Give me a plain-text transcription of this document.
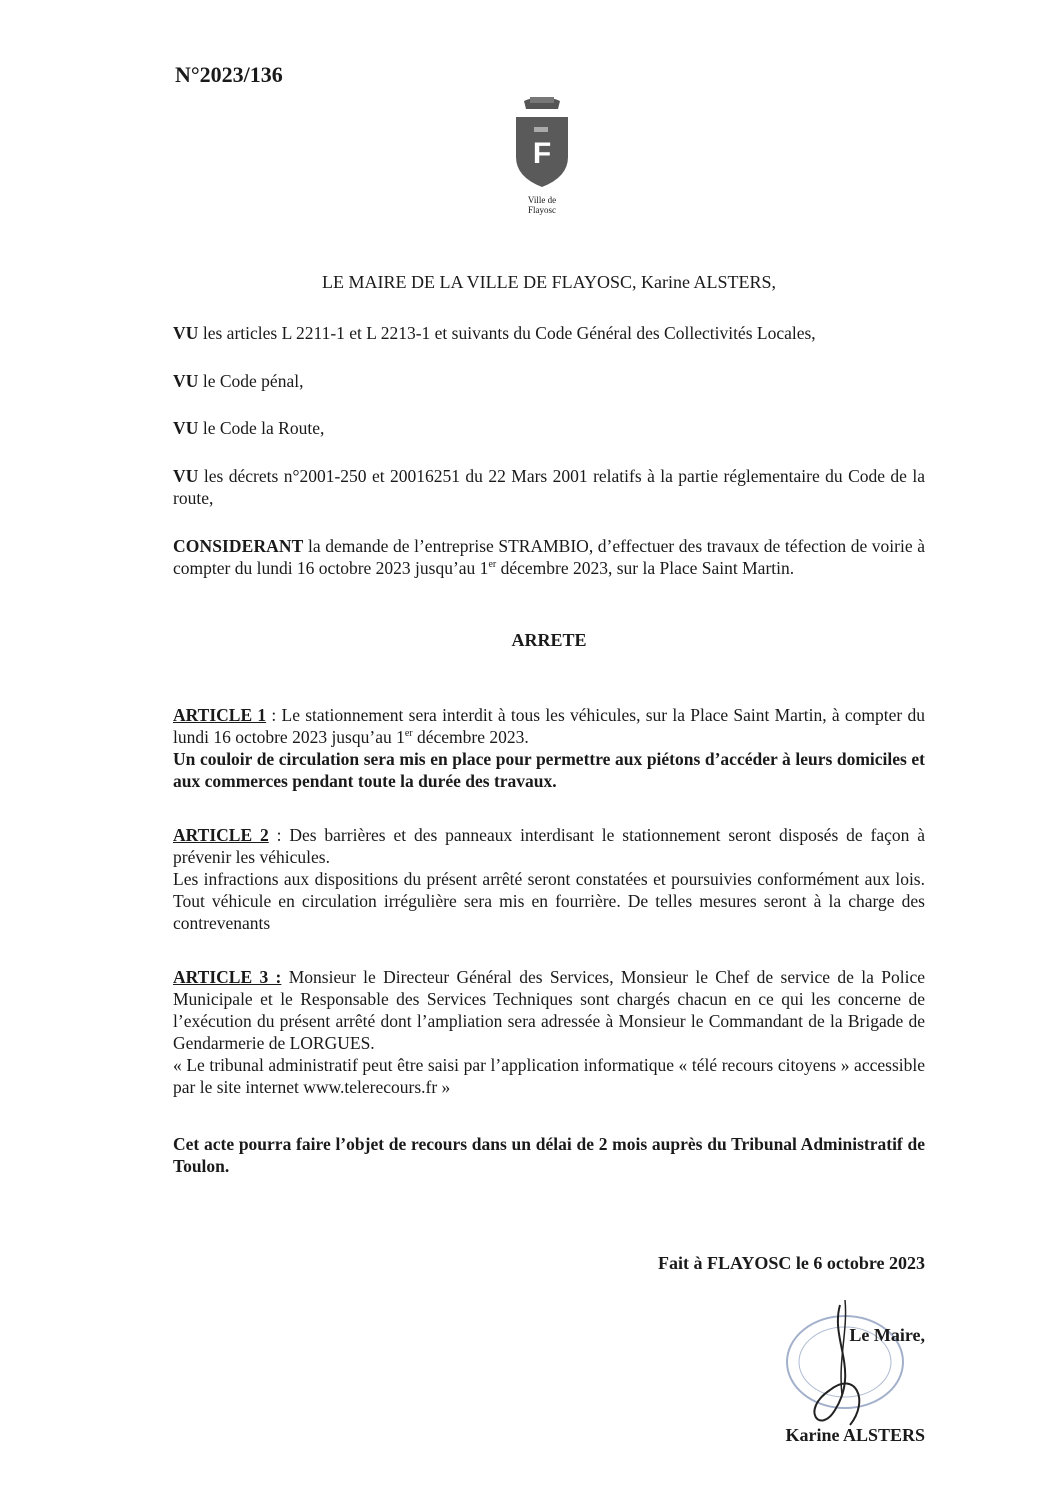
N°2023/136
F
Ville de
Flayosc
LE MAIRE DE LA VILLE DE FLAYOSC, Karine ALSTERS,
VU les articles L 2211-1 et L 2213-1 et suivants du Code Général des Collectivités Locales,
VU le Code pénal,
VU le Code la Route,
VU les décrets n°2001-250 et 20016251 du 22 Mars 2001 relatifs à la partie réglementaire du Code de la route,
CONSIDERANT la demande de l’entreprise STRAMBIO, d’effectuer des travaux de téfection de voirie à compter du lundi 16 octobre 2023 jusqu’au 1er décembre 2023, sur la Place Saint Martin.
ARRETE
ARTICLE 1 : Le stationnement sera interdit à tous les véhicules, sur la Place Saint Martin, à compter du lundi 16 octobre 2023 jusqu’au 1er décembre 2023.
Un couloir de circulation sera mis en place pour permettre aux piétons d’accéder à leurs domiciles et aux commerces pendant toute la durée des travaux.
ARTICLE 2 : Des barrières et des panneaux interdisant le stationnement seront disposés de façon à prévenir les véhicules.
Les infractions aux dispositions du présent arrêté seront constatées et poursuivies conformément aux lois. Tout véhicule en circulation irrégulière sera mis en fourrière. De telles mesures seront à la charge des contrevenants
ARTICLE 3 : Monsieur le Directeur Général des Services, Monsieur le Chef de service de la Police Municipale et le Responsable des Services Techniques sont chargés chacun en ce qui les concerne de l’exécution du présent arrêté dont l’ampliation sera adressée à Monsieur le Commandant de la Brigade de Gendarmerie de LORGUES.
« Le tribunal administratif peut être saisi par l’application informatique « télé recours citoyens » accessible par le site internet www.telerecours.fr »
Cet acte pourra faire l’objet de recours dans un délai de 2 mois auprès du Tribunal Administratif de Toulon.
Fait à FLAYOSC le 6 octobre 2023
Le Maire,
Karine ALSTERS
